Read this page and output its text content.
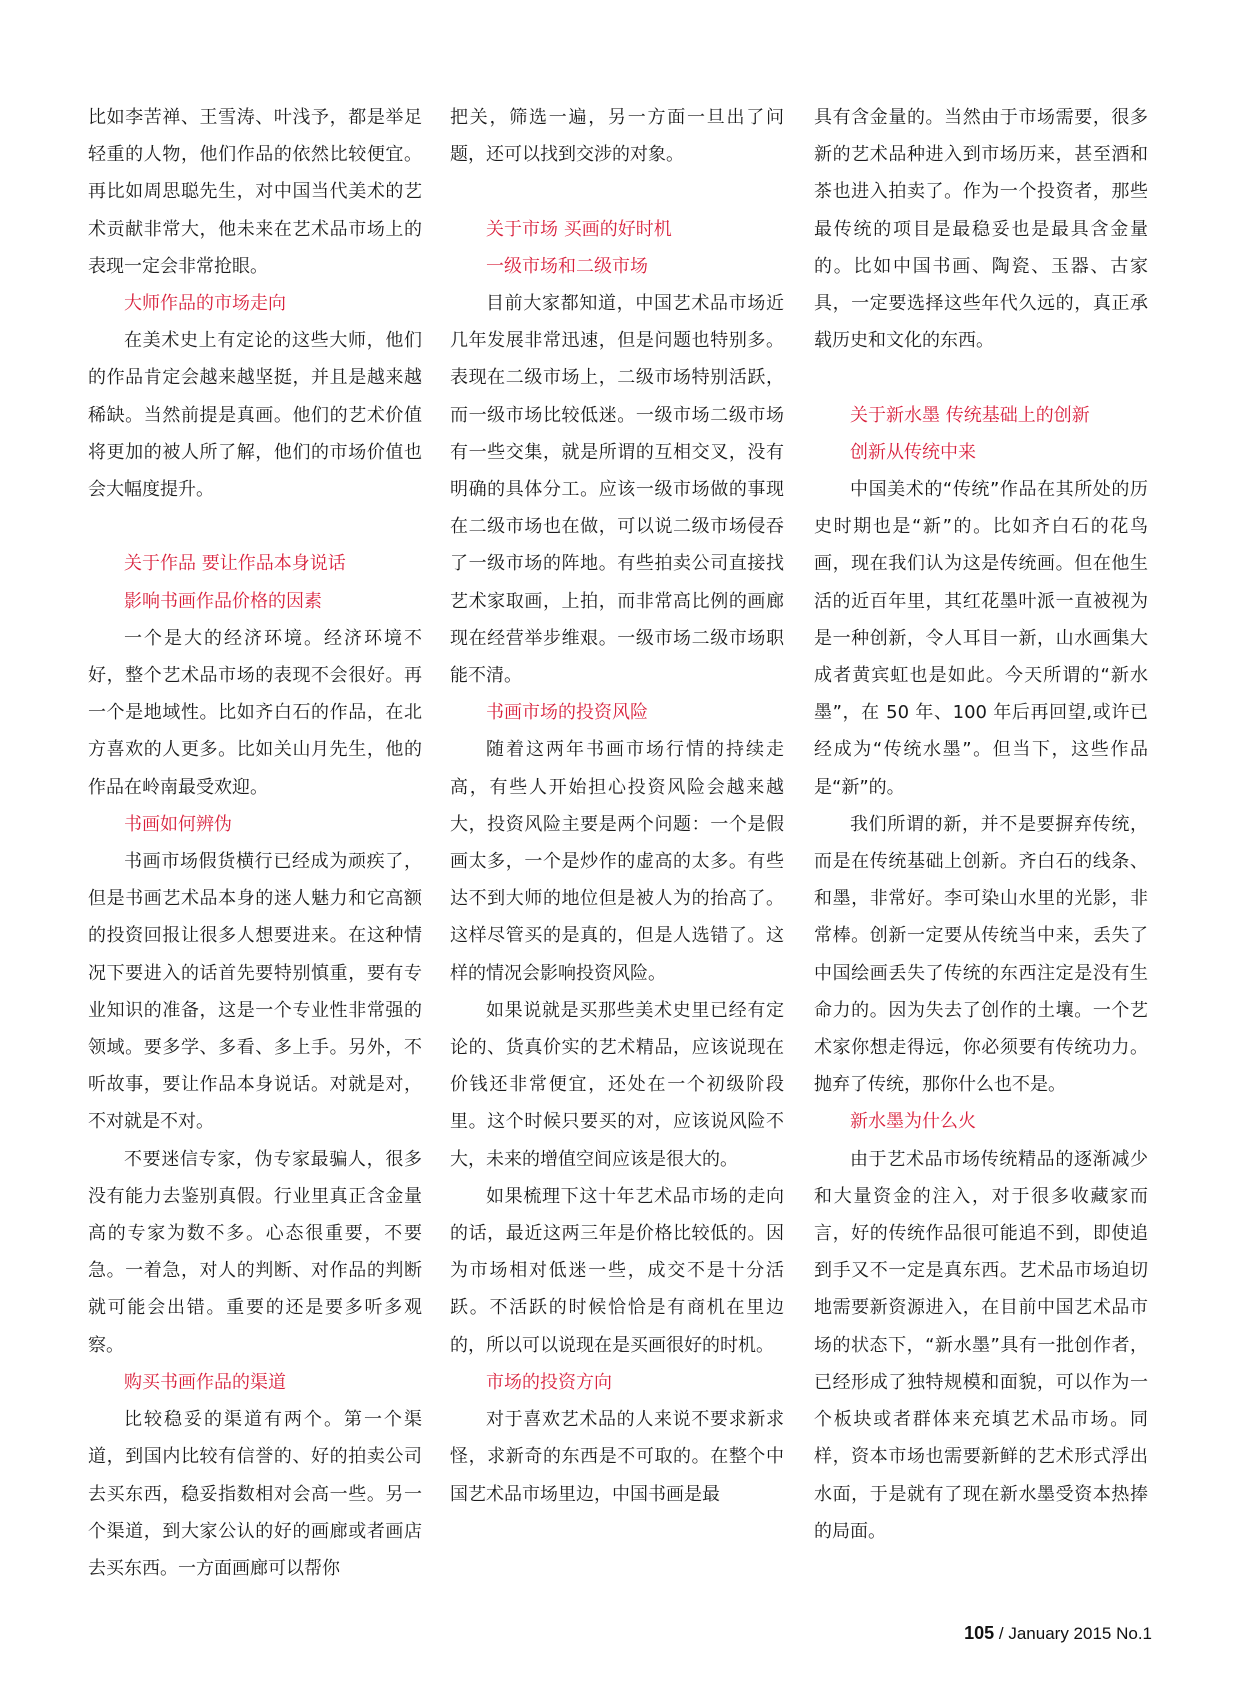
比如李苦禅、王雪涛、叶浅予，都是举足轻重的人物，他们作品的依然比较便宜。再比如周思聪先生，对中国当代美术的艺术贡献非常大，他未来在艺术品市场上的表现一定会非常抢眼。

大师作品的市场走向

在美术史上有定论的这些大师，他们的作品肯定会越来越坚挺，并且是越来越稀缺。当然前提是真画。他们的艺术价值将更加的被人所了解，他们的市场价值也会大幅度提升。

关于作品 要让作品本身说话
影响书画作品价格的因素

一个是大的经济环境。经济环境不好，整个艺术品市场的表现不会很好。再一个是地域性。比如齐白石的作品，在北方喜欢的人更多。比如关山月先生，他的作品在岭南最受欢迎。

书画如何辨伪

书画市场假货横行已经成为顽疾了，但是书画艺术品本身的迷人魅力和它高额的投资回报让很多人想要进来。在这种情况下要进入的话首先要特别慎重，要有专业知识的准备，这是一个专业性非常强的领域。要多学、多看、多上手。另外，不听故事，要让作品本身说话。对就是对，不对就是不对。

不要迷信专家，伪专家最骗人，很多没有能力去鉴别真假。行业里真正含金量高的专家为数不多。心态很重要，不要急。一着急，对人的判断、对作品的判断就可能会出错。重要的还是要多听多观察。

购买书画作品的渠道

比较稳妥的渠道有两个。第一个渠道，到国内比较有信誉的、好的拍卖公司去买东西，稳妥指数相对会高一些。另一个渠道，到大家公认的好的画廊或者画店去买东西。一方面画廊可以帮你

把关，筛选一遍，另一方面一旦出了问题，还可以找到交涉的对象。

关于市场 买画的好时机
一级市场和二级市场

目前大家都知道，中国艺术品市场近几年发展非常迅速，但是问题也特别多。表现在二级市场上，二级市场特别活跃，而一级市场比较低迷。一级市场二级市场有一些交集，就是所谓的互相交叉，没有明确的具体分工。应该一级市场做的事现在二级市场也在做，可以说二级市场侵吞了一级市场的阵地。有些拍卖公司直接找艺术家取画，上拍，而非常高比例的画廊现在经营举步维艰。一级市场二级市场职能不清。

书画市场的投资风险

随着这两年书画市场行情的持续走高，有些人开始担心投资风险会越来越大，投资风险主要是两个问题：一个是假画太多，一个是炒作的虚高的太多。有些达不到大师的地位但是被人为的抬高了。这样尽管买的是真的，但是人选错了。这样的情况会影响投资风险。

如果说就是买那些美术史里已经有定论的、货真价实的艺术精品，应该说现在价钱还非常便宜，还处在一个初级阶段里。这个时候只要买的对，应该说风险不大，未来的增值空间应该是很大的。

如果梳理下这十年艺术品市场的走向的话，最近这两三年是价格比较低的。因为市场相对低迷一些，成交不是十分活跃。不活跃的时候恰恰是有商机在里边的，所以可以说现在是买画很好的时机。

市场的投资方向

对于喜欢艺术品的人来说不要求新求怪，求新奇的东西是不可取的。在整个中国艺术品市场里边，中国书画是最

具有含金量的。当然由于市场需要，很多新的艺术品种进入到市场历来，甚至酒和茶也进入拍卖了。作为一个投资者，那些最传统的项目是最稳妥也是最具含金量的。比如中国书画、陶瓷、玉器、古家具，一定要选择这些年代久远的，真正承载历史和文化的东西。

关于新水墨 传统基础上的创新
创新从传统中来

中国美术的“传统”作品在其所处的历史时期也是“新”的。比如齐白石的花鸟画，现在我们认为这是传统画。但在他生活的近百年里，其红花墨叶派一直被视为是一种创新，令人耳目一新，山水画集大成者黄宾虹也是如此。今天所谓的“新水墨”，在 50 年、100 年后再回望,或许已经成为“传统水墨”。但当下，这些作品是“新”的。

我们所谓的新，并不是要摒弃传统，而是在传统基础上创新。齐白石的线条、和墨，非常好。李可染山水里的光影，非常棒。创新一定要从传统当中来，丢失了中国绘画丢失了传统的东西注定是没有生命力的。因为失去了创作的土壤。一个艺术家你想走得远，你必须要有传统功力。抛弃了传统，那你什么也不是。

新水墨为什么火

由于艺术品市场传统精品的逐渐减少和大量资金的注入，对于很多收藏家而言，好的传统作品很可能追不到，即使追到手又不一定是真东西。艺术品市场迫切地需要新资源进入，在目前中国艺术品市场的状态下，“新水墨”具有一批创作者，已经形成了独特规模和面貌，可以作为一个板块或者群体来充填艺术品市场。同样，资本市场也需要新鲜的艺术形式浮出水面，于是就有了现在新水墨受资本热捧的局面。

105 / January 2015 No.1
